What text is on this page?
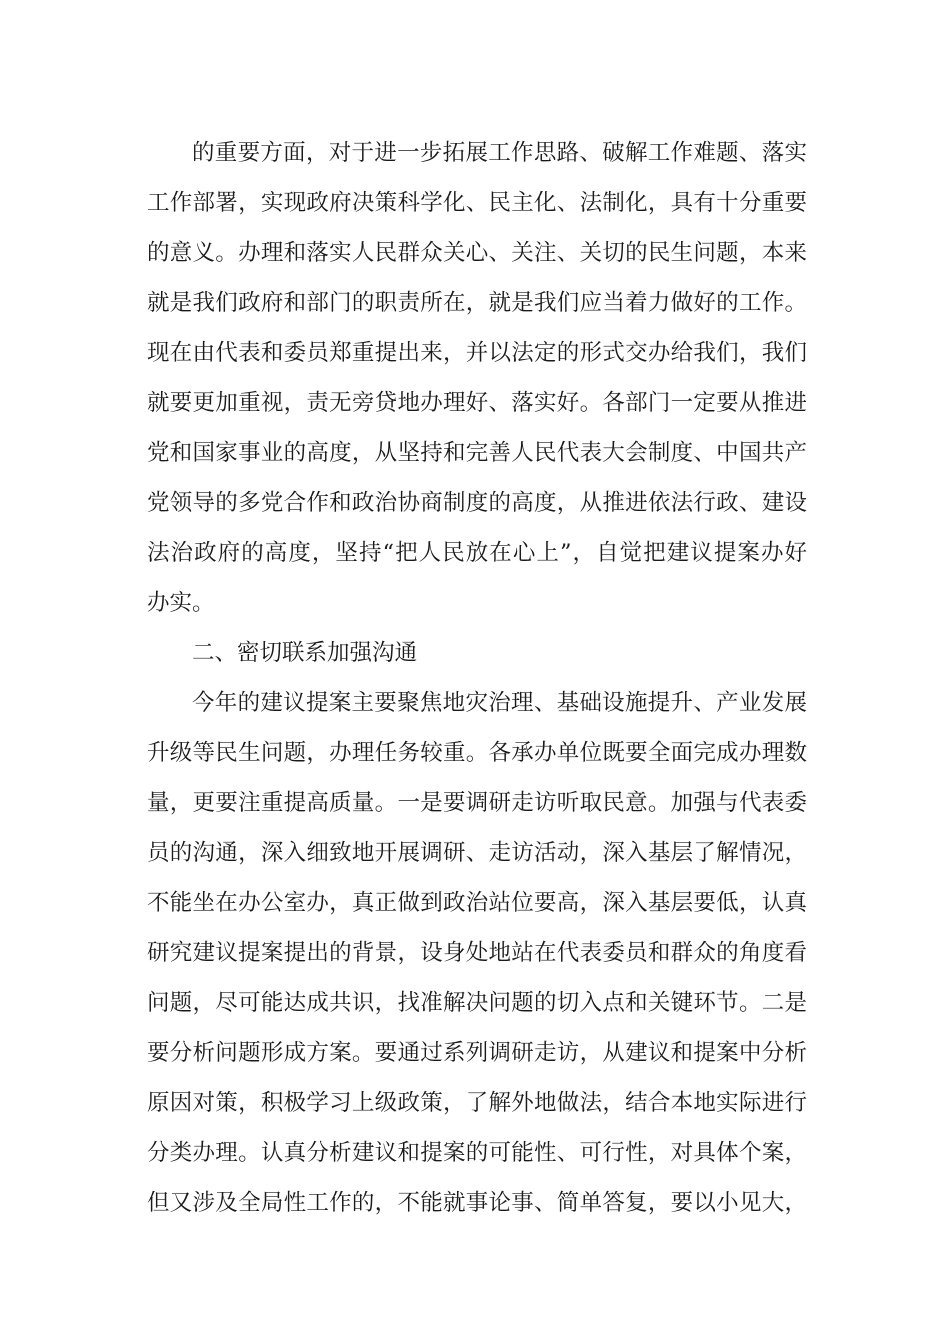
的重要方面，对于进一步拓展工作思路、破解工作难题、落实
工作部署，实现政府决策科学化、民主化、法制化，具有十分重要
的意义。办理和落实人民群众关心、关注、关切的民生问题，本来
就是我们政府和部门的职责所在，就是我们应当着力做好的工作。
现在由代表和委员郑重提出来，并以法定的形式交办给我们，我们
就要更加重视，责无旁贷地办理好、落实好。各部门一定要从推进
党和国家事业的高度，从坚持和完善人民代表大会制度、中国共产
党领导的多党合作和政治协商制度的高度，从推进依法行政、建设
法治政府的高度，坚持“把人民放在心上”，自觉把建议提案办好
办实。
二、密切联系加强沟通
今年的建议提案主要聚焦地灾治理、基础设施提升、产业发展
升级等民生问题，办理任务较重。各承办单位既要全面完成办理数
量，更要注重提高质量。一是要调研走访听取民意。加强与代表委
员的沟通，深入细致地开展调研、走访活动，深入基层了解情况，
不能坐在办公室办，真正做到政治站位要高，深入基层要低，认真
研究建议提案提出的背景，设身处地站在代表委员和群众的角度看
问题，尽可能达成共识，找准解决问题的切入点和关键环节。二是
要分析问题形成方案。要通过系列调研走访，从建议和提案中分析
原因对策，积极学习上级政策，了解外地做法，结合本地实际进行
分类办理。认真分析建议和提案的可能性、可行性，对具体个案，
但又涉及全局性工作的，不能就事论事、简单答复，要以小见大，
